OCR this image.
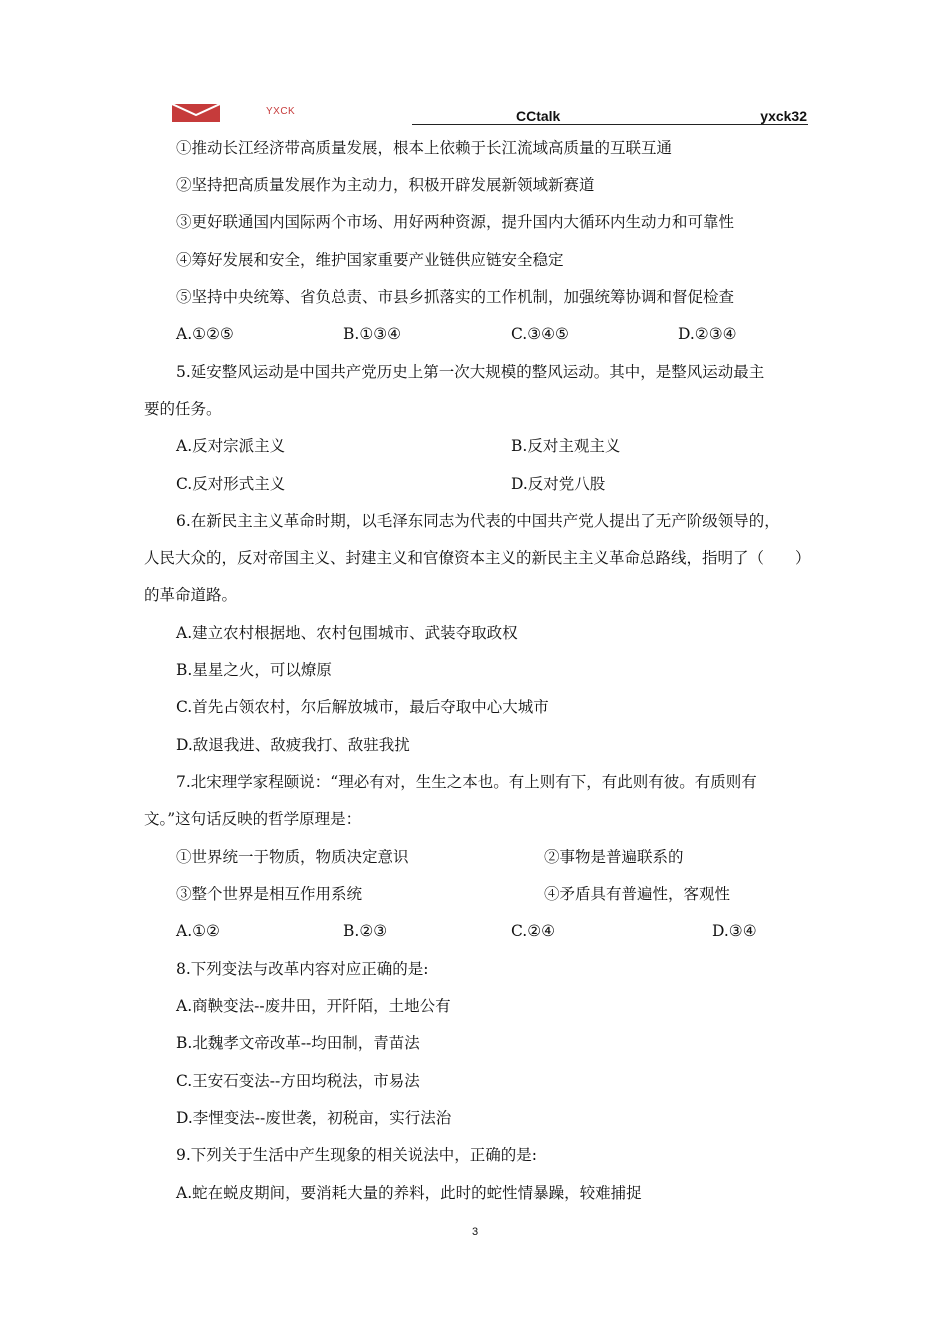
YXCK	CCtalk	yxck32
①推动长江经济带高质量发展，根本上依赖于长江流域高质量的互联互通
②坚持把高质量发展作为主动力，积极开辟发展新领域新赛道
③更好联通国内国际两个市场、用好两种资源，提升国内大循环内生动力和可靠性
④筹好发展和安全，维护国家重要产业链供应链安全稳定
⑤坚持中央统筹、省负总责、市县乡抓落实的工作机制，加强统筹协调和督促检查
A.①②⑤	B.①③④	C.③④⑤	D.②③④
5.延安整风运动是中国共产党历史上第一次大规模的整风运动。其中，是整风运动最主
要的任务。
A.反对宗派主义	B.反对主观主义
C.反对形式主义	D.反对党八股
6.在新民主主义革命时期，以毛泽东同志为代表的中国共产党人提出了无产阶级领导的，
人民大众的，反对帝国主义、封建主义和官僚资本主义的新民主主义革命总路线，指明了（　　）
的革命道路。
A.建立农村根据地、农村包围城市、武装夺取政权
B.星星之火，可以燎原
C.首先占领农村，尔后解放城市，最后夺取中心大城市
D.敌退我进、敌疲我打、敌驻我扰
7.北宋理学家程颐说：“理必有对，生生之本也。有上则有下，有此则有彼。有质则有
文。”这句话反映的哲学原理是：
①世界统一于物质，物质决定意识	②事物是普遍联系的
③整个世界是相互作用系统	④矛盾具有普遍性，客观性
A.①②	B.②③	C.②④	D.③④
8.下列变法与改革内容对应正确的是:
A.商鞅变法--废井田，开阡陌，土地公有
B.北魏孝文帝改革--均田制，青苗法
C.王安石变法--方田均税法，市易法
D.李悝变法--废世袭，初税亩，实行法治
9.下列关于生活中产生现象的相关说法中，正确的是:
A.蛇在蜕皮期间，要消耗大量的养料，此时的蛇性情暴躁，较难捕捉
3
